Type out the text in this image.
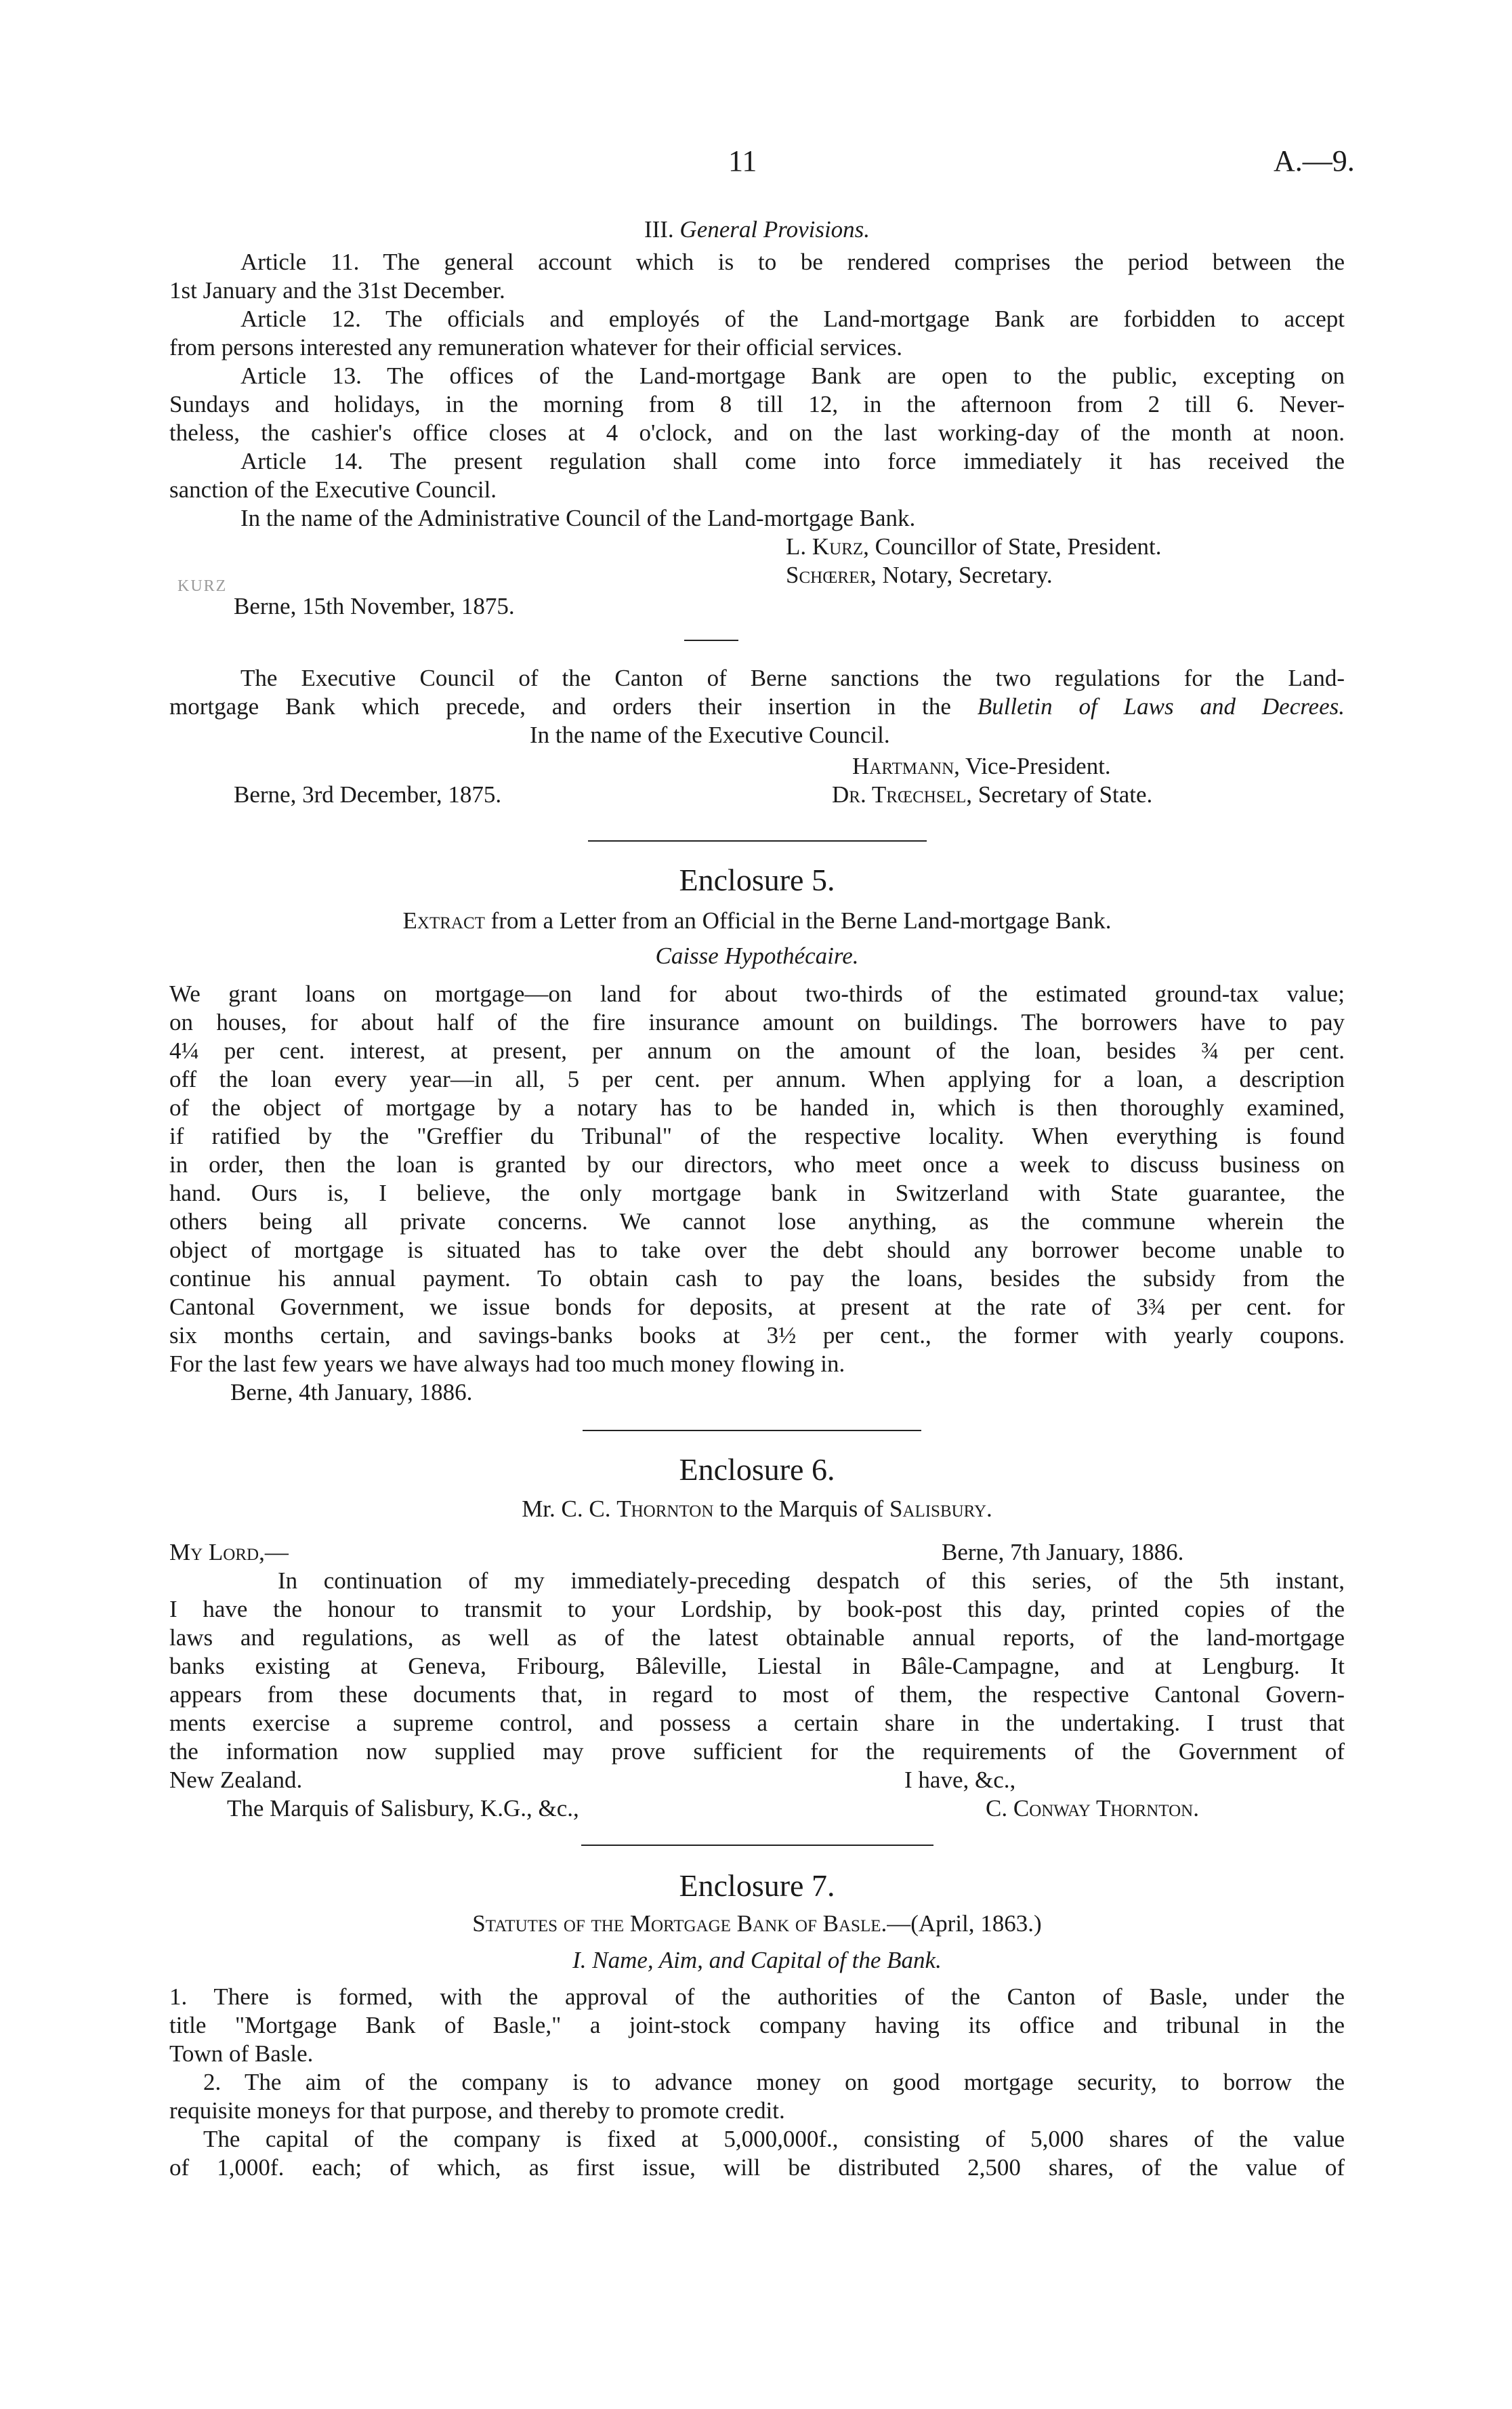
11	A.—9.
III. General Provisions.
Article 11. The general account which is to be rendered comprises the period between the
1st January and the 31st December.
Article 12. The officials and employés of the Land-mortgage Bank are forbidden to accept
from persons interested any remuneration whatever for their official services.
Article 13. The offices of the Land-mortgage Bank are open to the public, excepting on
Sundays and holidays, in the morning from 8 till 12, in the afternoon from 2 till 6. Never-
theless, the cashier's office closes at 4 o'clock, and on the last working-day of the month at noon.
Article 14. The present regulation shall come into force immediately it has received the
sanction of the Executive Council.
In the name of the Administrative Council of the Land-mortgage Bank.
L. Kurz, Councillor of State, President.
KURZ	Schœrer, Notary, Secretary.
Berne, 15th November, 1875.
The Executive Council of the Canton of Berne sanctions the two regulations for the Land-
mortgage Bank which precede, and orders their insertion in the Bulletin of Laws and Decrees.
In the name of the Executive Council.
Hartmann, Vice-President.
Berne, 3rd December, 1875.	Dr. Trœchsel, Secretary of State.
Enclosure 5.
Extract from a Letter from an Official in the Berne Land-mortgage Bank.
Caisse Hypothécaire.
We grant loans on mortgage—on land for about two-thirds of the estimated ground-tax value;
on houses, for about half of the fire insurance amount on buildings. The borrowers have to pay
4¼ per cent. interest, at present, per annum on the amount of the loan, besides ¾ per cent.
off the loan every year—in all, 5 per cent. per annum. When applying for a loan, a description
of the object of mortgage by a notary has to be handed in, which is then thoroughly examined,
if ratified by the "Greffier du Tribunal" of the respective locality. When everything is found
in order, then the loan is granted by our directors, who meet once a week to discuss business on
hand. Ours is, I believe, the only mortgage bank in Switzerland with State guarantee, the
others being all private concerns. We cannot lose anything, as the commune wherein the
object of mortgage is situated has to take over the debt should any borrower become unable to
continue his annual payment. To obtain cash to pay the loans, besides the subsidy from the
Cantonal Government, we issue bonds for deposits, at present at the rate of 3¾ per cent. for
six months certain, and savings-banks books at 3½ per cent., the former with yearly coupons.
For the last few years we have always had too much money flowing in.
Berne, 4th January, 1886.
Enclosure 6.
Mr. C. C. Thornton to the Marquis of Salisbury.
My Lord,—	Berne, 7th January, 1886.
In continuation of my immediately-preceding despatch of this series, of the 5th instant,
I have the honour to transmit to your Lordship, by book-post this day, printed copies of the
laws and regulations, as well as of the latest obtainable annual reports, of the land-mortgage
banks existing at Geneva, Fribourg, Bâleville, Liestal in Bâle-Campagne, and at Lengburg. It
appears from these documents that, in regard to most of them, the respective Cantonal Govern-
ments exercise a supreme control, and possess a certain share in the undertaking. I trust that
the information now supplied may prove sufficient for the requirements of the Government of
New Zealand.	I have, &c.,
The Marquis of Salisbury, K.G., &c.,	C. Conway Thornton.
Enclosure 7.
Statutes of the Mortgage Bank of Basle.—(April, 1863.)
I. Name, Aim, and Capital of the Bank.
1. There is formed, with the approval of the authorities of the Canton of Basle, under the
title "Mortgage Bank of Basle," a joint-stock company having its office and tribunal in the
Town of Basle.
2. The aim of the company is to advance money on good mortgage security, to borrow the
requisite moneys for that purpose, and thereby to promote credit.
The capital of the company is fixed at 5,000,000f., consisting of 5,000 shares of the value
of 1,000f. each; of which, as first issue, will be distributed 2,500 shares, of the value of
